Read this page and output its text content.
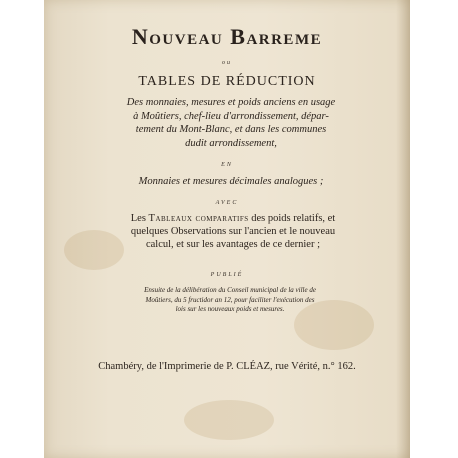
Nouveau Barreme
ou
TABLES DE RÉDUCTION
Des monnaies, mesures et poids anciens en usage
à Moûtiers, chef-lieu d'arrondissement, dépar-
tement du Mont-Blanc, et dans les communes
dudit arrondissement,
EN
Monnaies et mesures décimales analogues ;
AVEC
Les Tableaux comparatifs des poids relatifs, et
quelques Observations sur l'ancien et le nouveau
calcul, et sur les avantages de ce dernier ;
PUBLIÉ
Ensuite de la délibération du Conseil municipal de la ville de
Moûtiers, du 5 fructidor an 12, pour faciliter l'exécution des
lois sur les nouveaux poids et mesures.
Chambéry, de l'Imprimerie de P. CLÉAZ, rue Vérité, n.° 162.
